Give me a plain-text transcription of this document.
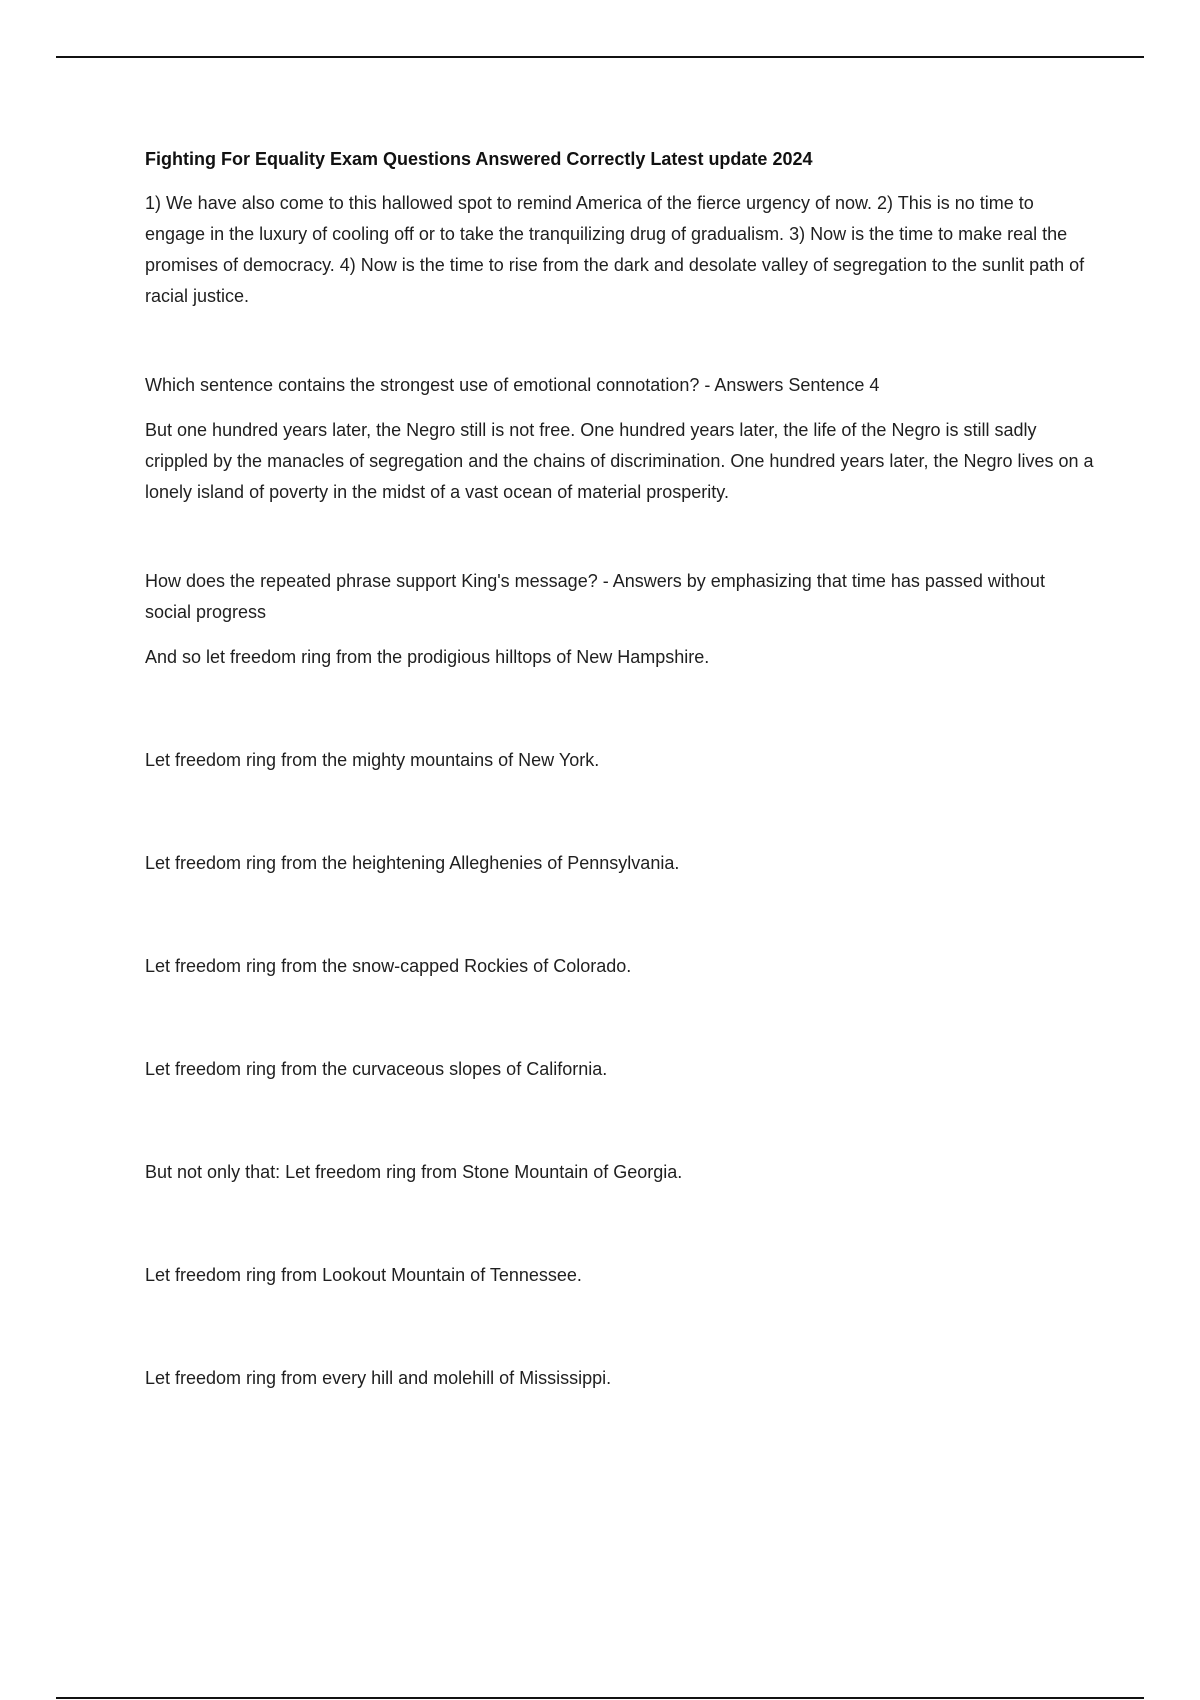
Fighting For Equality Exam Questions Answered Correctly Latest update 2024

1) We have also come to this hallowed spot to remind America of the fierce urgency of now. 2) This is no time to engage in the luxury of cooling off or to take the tranquilizing drug of gradualism. 3) Now is the time to make real the promises of democracy. 4) Now is the time to rise from the dark and desolate valley of segregation to the sunlit path of racial justice.

Which sentence contains the strongest use of emotional connotation? - Answers Sentence 4

But one hundred years later, the Negro still is not free. One hundred years later, the life of the Negro is still sadly crippled by the manacles of segregation and the chains of discrimination. One hundred years later, the Negro lives on a lonely island of poverty in the midst of a vast ocean of material prosperity.

How does the repeated phrase support King's message? - Answers by emphasizing that time has passed without social progress

And so let freedom ring from the prodigious hilltops of New Hampshire.

Let freedom ring from the mighty mountains of New York.

Let freedom ring from the heightening Alleghenies of Pennsylvania.

Let freedom ring from the snow-capped Rockies of Colorado.

Let freedom ring from the curvaceous slopes of California.

But not only that: Let freedom ring from Stone Mountain of Georgia.

Let freedom ring from Lookout Mountain of Tennessee.

Let freedom ring from every hill and molehill of Mississippi.
